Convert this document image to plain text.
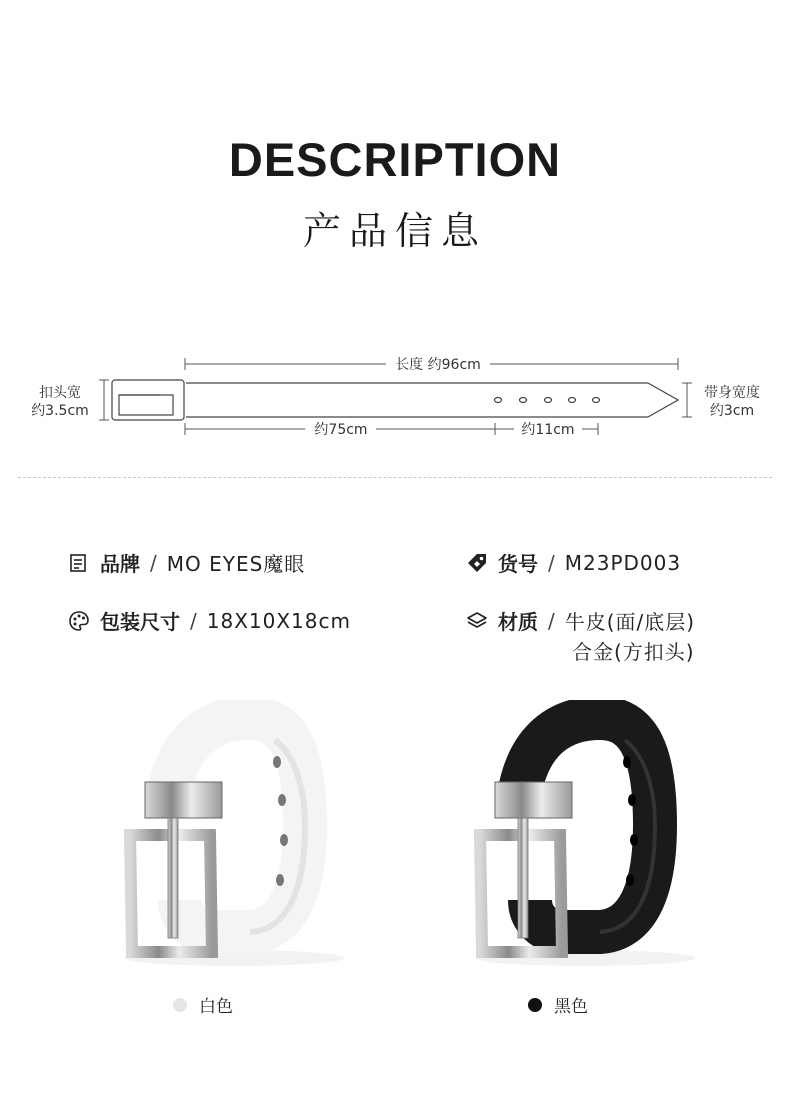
DESCRIPTION
产品信息
长度 约96cm
扣头宽
约3.5cm
带身宽度
约3cm
约75cm	约11cm
品牌 / MO EYES魔眼	货号 / M23PD003
包装尺寸 / 18X10X18cm	材质 / 牛皮(面/底层)
合金(方扣头)
白色	黑色
